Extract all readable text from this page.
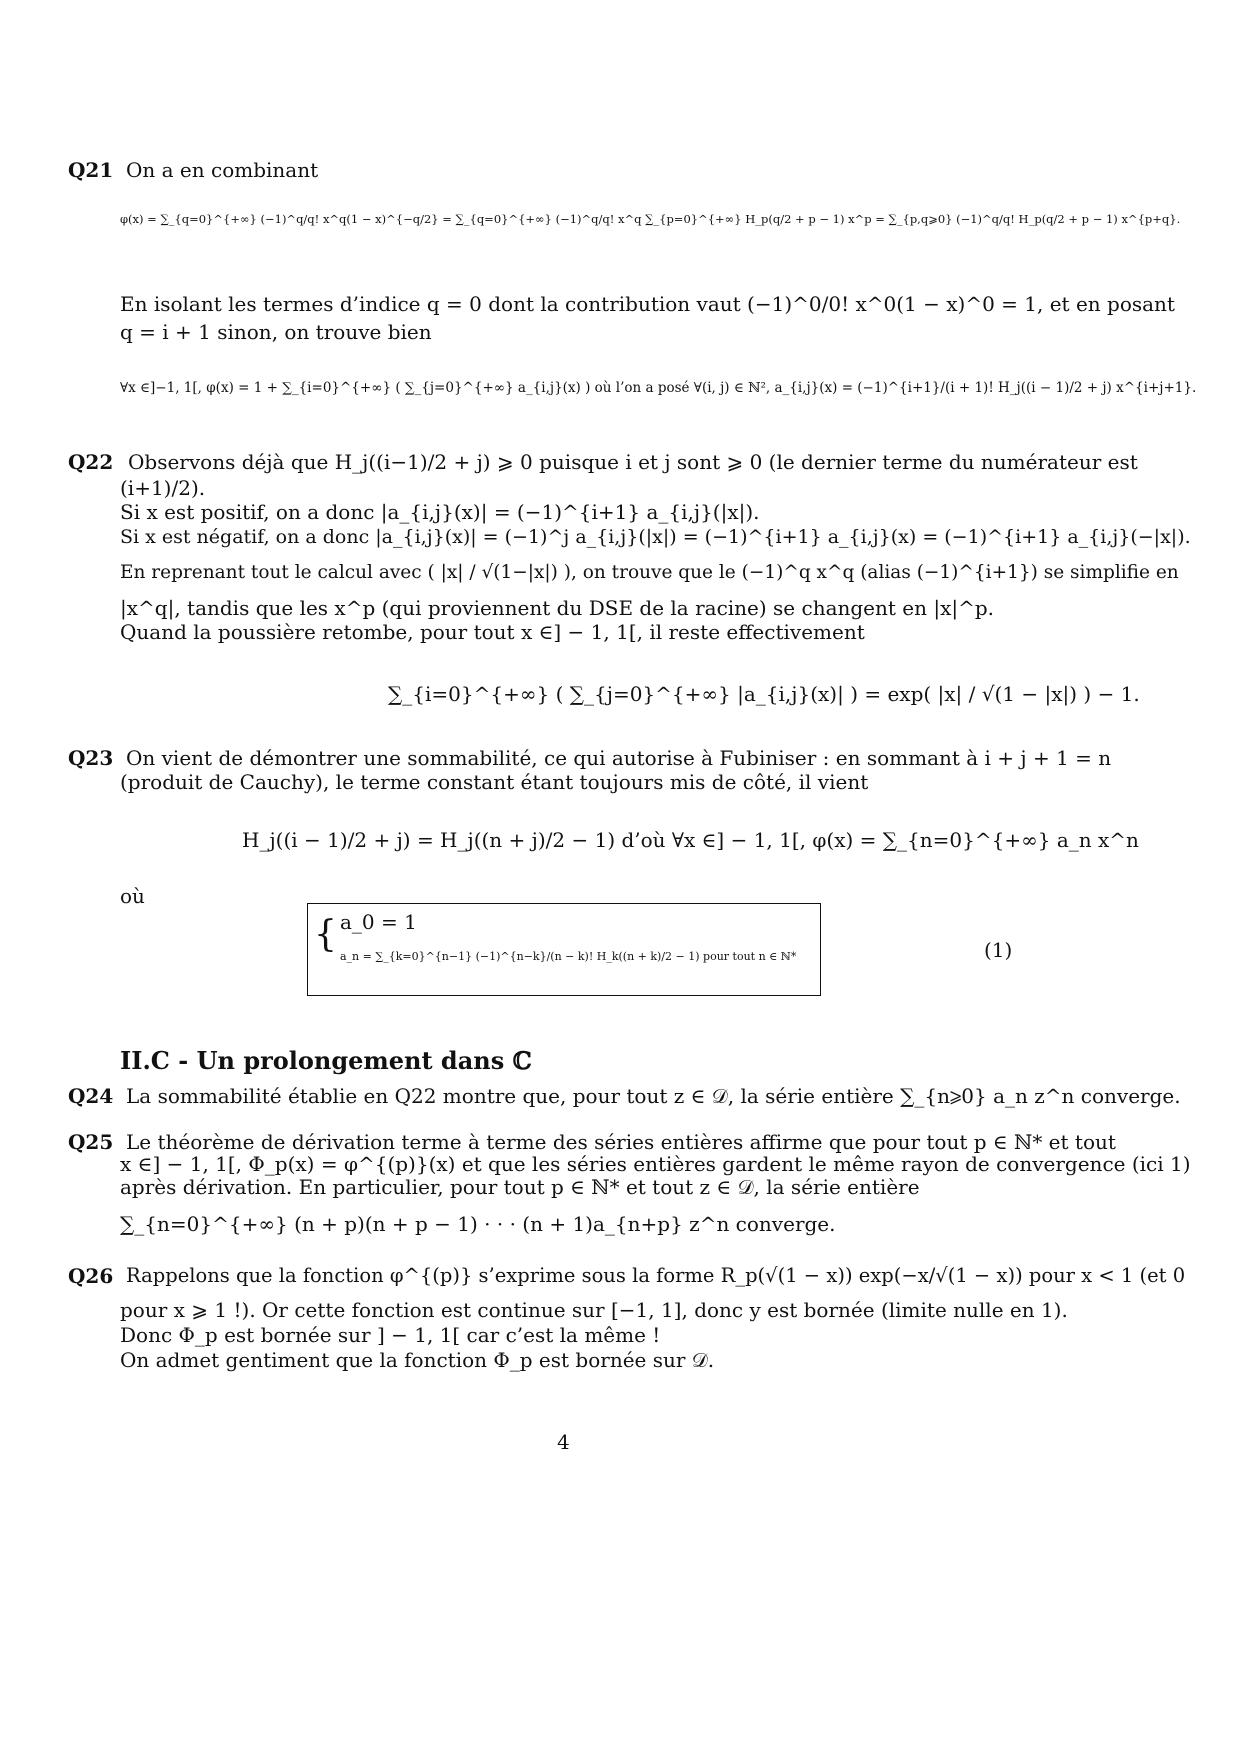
Q21 On a en combinant
φ(x) = ∑_{q=0}^{+∞} (−1)^q/q! x^q(1 − x)^{−q/2} = ∑_{q=0}^{+∞} (−1)^q/q! x^q ∑_{p=0}^{+∞} H_p(q/2 + p − 1) x^p = ∑_{p,q⩾0} (−1)^q/q! H_p(q/2 + p − 1) x^{p+q}.
En isolant les termes d’indice q = 0 dont la contribution vaut (−1)^0/0! x^0(1 − x)^0 = 1, et en posant
q = i + 1 sinon, on trouve bien
∀x ∈]−1, 1[, φ(x) = 1 + ∑_{i=0}^{+∞} ( ∑_{j=0}^{+∞} a_{i,j}(x) ) où l’on a posé ∀(i, j) ∈ ℕ², a_{i,j}(x) = (−1)^{i+1}/(i + 1)! H_j((i − 1)/2 + j) x^{i+j+1}.
Q22 Observons déjà que H_j((i−1)/2 + j) ⩾ 0 puisque i et j sont ⩾ 0 (le dernier terme du numérateur est
(i+1)/2).
Si x est positif, on a donc |a_{i,j}(x)| = (−1)^{i+1} a_{i,j}(|x|).
Si x est négatif, on a donc |a_{i,j}(x)| = (−1)^j a_{i,j}(|x|) = (−1)^{i+1} a_{i,j}(x) = (−1)^{i+1} a_{i,j}(−|x|).
En reprenant tout le calcul avec ( |x| / √(1−|x|) ), on trouve que le (−1)^q x^q (alias (−1)^{i+1}) se simplifie en
|x^q|, tandis que les x^p (qui proviennent du DSE de la racine) se changent en |x|^p.
Quand la poussière retombe, pour tout x ∈] − 1, 1[, il reste effectivement
∑_{i=0}^{+∞} ( ∑_{j=0}^{+∞} |a_{i,j}(x)| ) = exp( |x| / √(1 − |x|) ) − 1.
Q23 On vient de démontrer une sommabilité, ce qui autorise à Fubiniser : en sommant à i + j + 1 = n
(produit de Cauchy), le terme constant étant toujours mis de côté, il vient
H_j((i − 1)/2 + j) = H_j((n + j)/2 − 1) d’où ∀x ∈] − 1, 1[, φ(x) = ∑_{n=0}^{+∞} a_n x^n
où
{ a_0 = 1
a_n = ∑_{k=0}^{n−1} (−1)^{n−k}/(n − k)! H_k((n + k)/2 − 1) pour tout n ∈ ℕ*	(1)
II.C - Un prolongement dans ℂ
Q24 La sommabilité établie en Q22 montre que, pour tout z ∈ 𝒟, la série entière ∑_{n⩾0} a_n z^n converge.
Q25 Le théorème de dérivation terme à terme des séries entières affirme que pour tout p ∈ ℕ* et tout
x ∈] − 1, 1[, Φ_p(x) = φ^{(p)}(x) et que les séries entières gardent le même rayon de convergence (ici 1)
après dérivation. En particulier, pour tout p ∈ ℕ* et tout z ∈ 𝒟, la série entière
∑_{n=0}^{+∞} (n + p)(n + p − 1) · · · (n + 1)a_{n+p} z^n converge.
Q26 Rappelons que la fonction φ^{(p)} s’exprime sous la forme R_p(√(1 − x)) exp(−x/√(1 − x)) pour x < 1 (et 0
pour x ⩾ 1 !). Or cette fonction est continue sur [−1, 1], donc y est bornée (limite nulle en 1).
Donc Φ_p est bornée sur ] − 1, 1[ car c’est la même !
On admet gentiment que la fonction Φ_p est bornée sur 𝒟.
4
